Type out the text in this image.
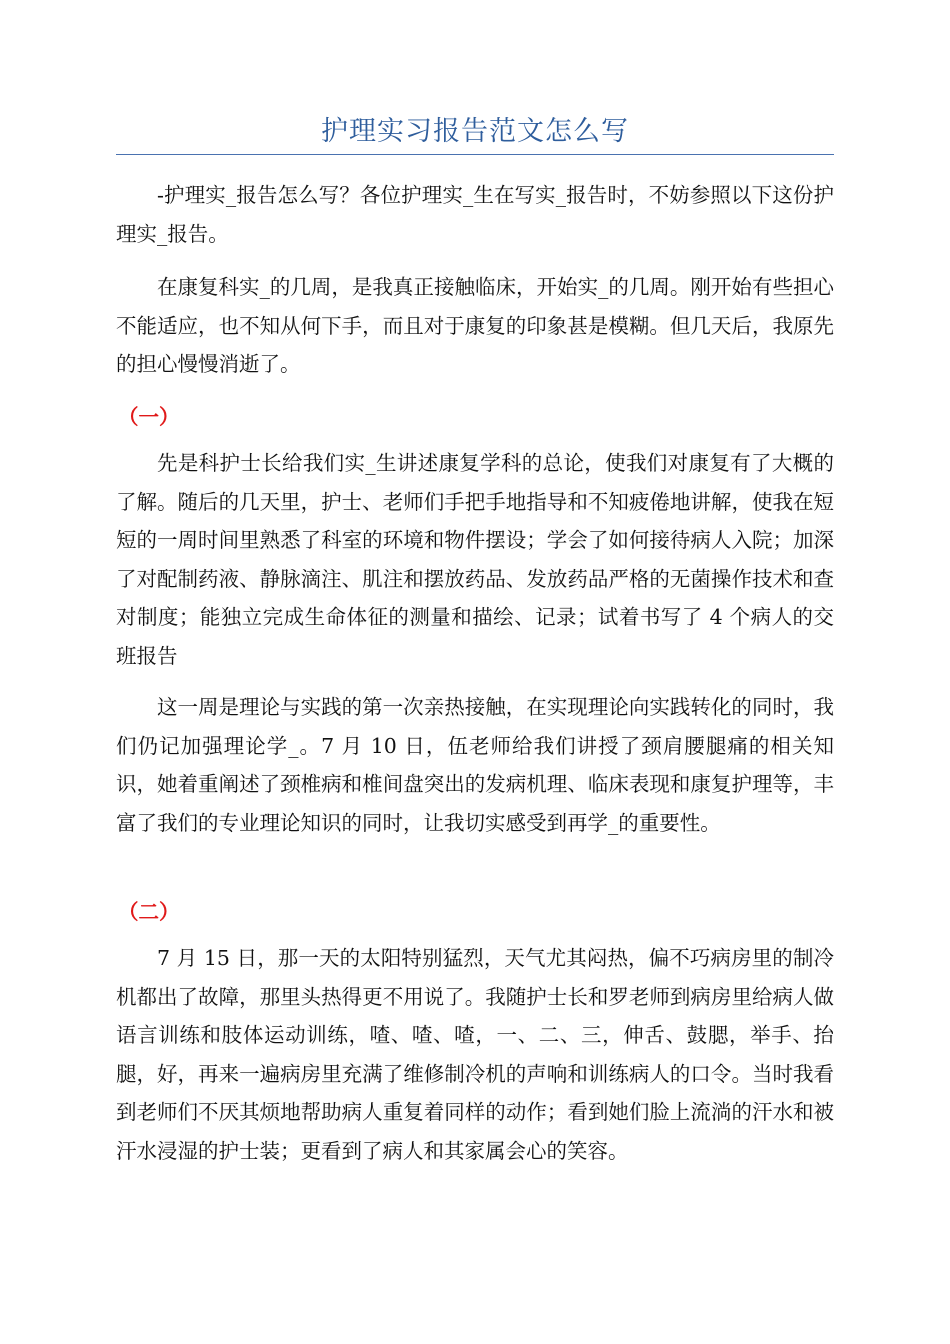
护理实习报告范文怎么写

-护理实_报告怎么写？各位护理实_生在写实_报告时，不妨参照以下这份护理实_报告。

在康复科实_的几周，是我真正接触临床，开始实_的几周。刚开始有些担心不能适应，也不知从何下手，而且对于康复的印象甚是模糊。但几天后，我原先的担心慢慢消逝了。

（一）

先是科护士长给我们实_生讲述康复学科的总论，使我们对康复有了大概的了解。随后的几天里，护士、老师们手把手地指导和不知疲倦地讲解，使我在短短的一周时间里熟悉了科室的环境和物件摆设；学会了如何接待病人入院；加深了对配制药液、静脉滴注、肌注和摆放药品、发放药品严格的无菌操作技术和查对制度；能独立完成生命体征的测量和描绘、记录；试着书写了 4 个病人的交班报告

这一周是理论与实践的第一次亲热接触，在实现理论向实践转化的同时，我们仍记加强理论学_。7 月 10 日，伍老师给我们讲授了颈肩腰腿痛的相关知识，她着重阐述了颈椎病和椎间盘突出的发病机理、临床表现和康复护理等，丰富了我们的专业理论知识的同时，让我切实感受到再学_的重要性。

（二）

7 月 15 日，那一天的太阳特别猛烈，天气尤其闷热，偏不巧病房里的制冷机都出了故障，那里头热得更不用说了。我随护士长和罗老师到病房里给病人做语言训练和肢体运动训练，喳、喳、喳，一、二、三，伸舌、鼓腮，举手、抬腿，好，再来一遍病房里充满了维修制冷机的声响和训练病人的口令。当时我看到老师们不厌其烦地帮助病人重复着同样的动作；看到她们脸上流淌的汗水和被汗水浸湿的护士装；更看到了病人和其家属会心的笑容。
